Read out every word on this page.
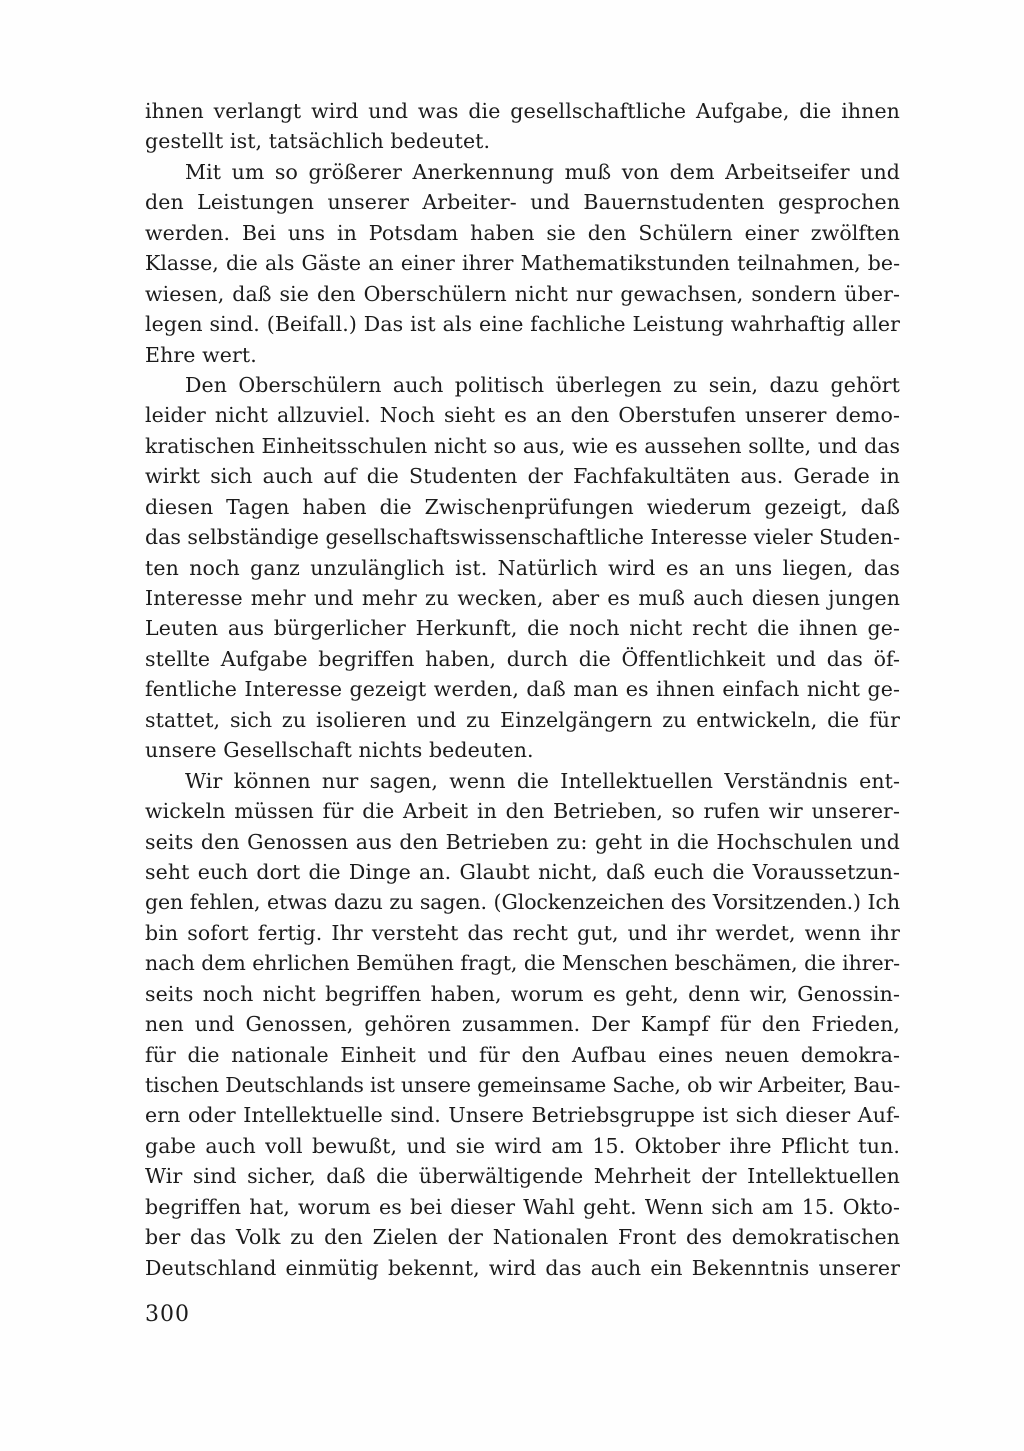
ihnen verlangt wird und was die gesellschaftliche Aufgabe, die ihnen
gestellt ist, tatsächlich bedeutet.
Mit um so größerer Anerkennung muß von dem Arbeitseifer und
den Leistungen unserer Arbeiter- und Bauernstudenten gesprochen
werden. Bei uns in Potsdam haben sie den Schülern einer zwölften
Klasse, die als Gäste an einer ihrer Mathematikstunden teilnahmen, be-
wiesen, daß sie den Oberschülern nicht nur gewachsen, sondern über-
legen sind. (Beifall.) Das ist als eine fachliche Leistung wahrhaftig aller
Ehre wert.
Den Oberschülern auch politisch überlegen zu sein, dazu gehört
leider nicht allzuviel. Noch sieht es an den Oberstufen unserer demo-
kratischen Einheitsschulen nicht so aus, wie es aussehen sollte, und das
wirkt sich auch auf die Studenten der Fachfakultäten aus. Gerade in
diesen Tagen haben die Zwischenprüfungen wiederum gezeigt, daß
das selbständige gesellschaftswissenschaftliche Interesse vieler Studen-
ten noch ganz unzulänglich ist. Natürlich wird es an uns liegen, das
Interesse mehr und mehr zu wecken, aber es muß auch diesen jungen
Leuten aus bürgerlicher Herkunft, die noch nicht recht die ihnen ge-
stellte Aufgabe begriffen haben, durch die Öffentlichkeit und das öf-
fentliche Interesse gezeigt werden, daß man es ihnen einfach nicht ge-
stattet, sich zu isolieren und zu Einzelgängern zu entwickeln, die für
unsere Gesellschaft nichts bedeuten.
Wir können nur sagen, wenn die Intellektuellen Verständnis ent-
wickeln müssen für die Arbeit in den Betrieben, so rufen wir unserer-
seits den Genossen aus den Betrieben zu: geht in die Hochschulen und
seht euch dort die Dinge an. Glaubt nicht, daß euch die Voraussetzun-
gen fehlen, etwas dazu zu sagen. (Glockenzeichen des Vorsitzenden.) Ich
bin sofort fertig. Ihr versteht das recht gut, und ihr werdet, wenn ihr
nach dem ehrlichen Bemühen fragt, die Menschen beschämen, die ihrer-
seits noch nicht begriffen haben, worum es geht, denn wir, Genossin-
nen und Genossen, gehören zusammen. Der Kampf für den Frieden,
für die nationale Einheit und für den Aufbau eines neuen demokra-
tischen Deutschlands ist unsere gemeinsame Sache, ob wir Arbeiter, Bau-
ern oder Intellektuelle sind. Unsere Betriebsgruppe ist sich dieser Auf-
gabe auch voll bewußt, und sie wird am 15. Oktober ihre Pflicht tun.
Wir sind sicher, daß die überwältigende Mehrheit der Intellektuellen
begriffen hat, worum es bei dieser Wahl geht. Wenn sich am 15. Okto-
ber das Volk zu den Zielen der Nationalen Front des demokratischen
Deutschland einmütig bekennt, wird das auch ein Bekenntnis unserer
300
